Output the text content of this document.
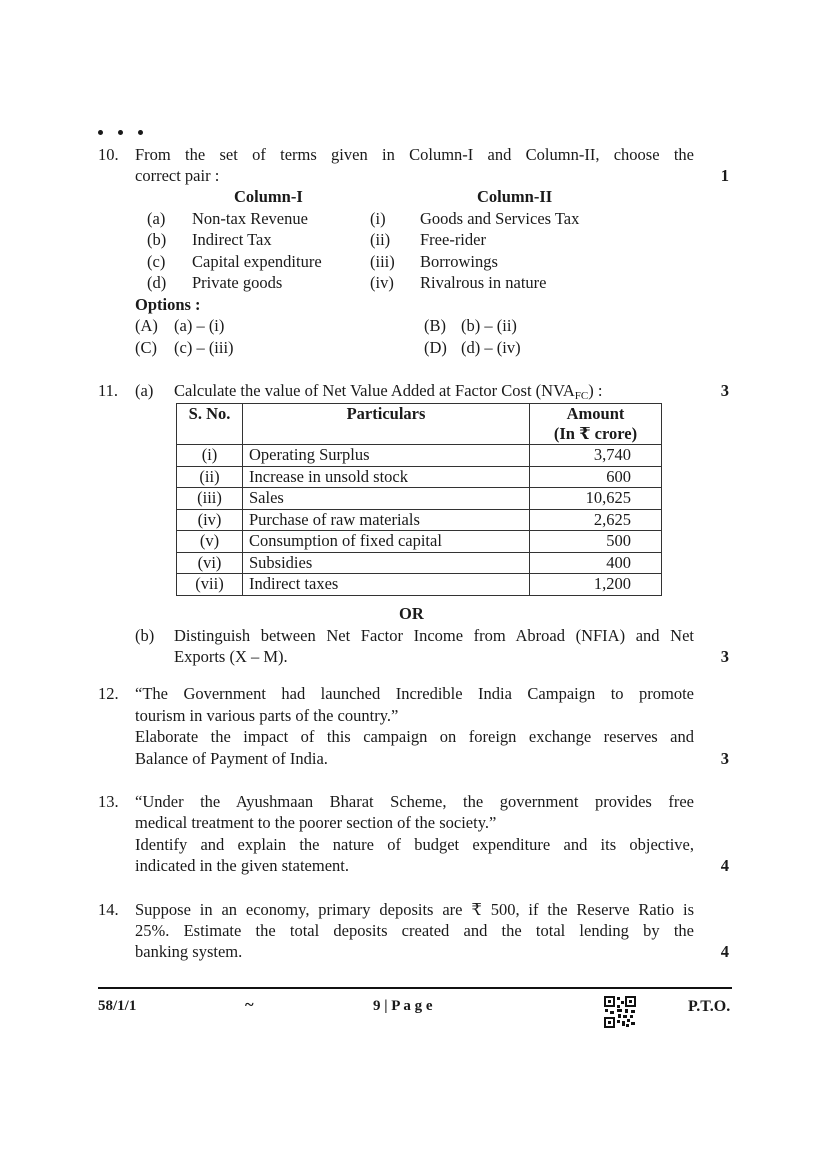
10. From the set of terms given in Column-I and Column-II, choose the
correct pair :	1
Column-I	Column-II
(a) Non-tax Revenue	(i) Goods and Services Tax
(b) Indirect Tax	(ii) Free-rider
(c) Capital expenditure	(iii) Borrowings
(d) Private goods	(iv) Rivalrous in nature
Options :
(A) (a) – (i)	(B) (b) – (ii)
(C) (c) – (iii)	(D) (d) – (iv)
11. (a) Calculate the value of Net Value Added at Factor Cost $(NVA_{FC})$ :	3
S. No.	Particulars	Amount
(In ₹ crore)
(i)	Operating Surplus	3,740
(ii)	Increase in unsold stock	600
(iii)	Sales	10,625
(iv)	Purchase of raw materials	2,625
(v)	Consumption of fixed capital	500
(vi)	Subsidies	400
(vii)	Indirect taxes	1,200
OR
(b) Distinguish between Net Factor Income from Abroad (NFIA) and Net
Exports (X – M).	3
12. “The Government had launched Incredible India Campaign to promote
tourism in various parts of the country.”
Elaborate the impact of this campaign on foreign exchange reserves and
Balance of Payment of India.	3
13. “Under the Ayushmaan Bharat Scheme, the government provides free
medical treatment to the poorer section of the society.”
Identify and explain the nature of budget expenditure and its objective,
indicated in the given statement.	4
14. Suppose in an economy, primary deposits are ₹ 500, if the Reserve Ratio is
25%. Estimate the total deposits created and the total lending by the
banking system.	4
58/1/1	~	9 | P a g e	P.T.O.
